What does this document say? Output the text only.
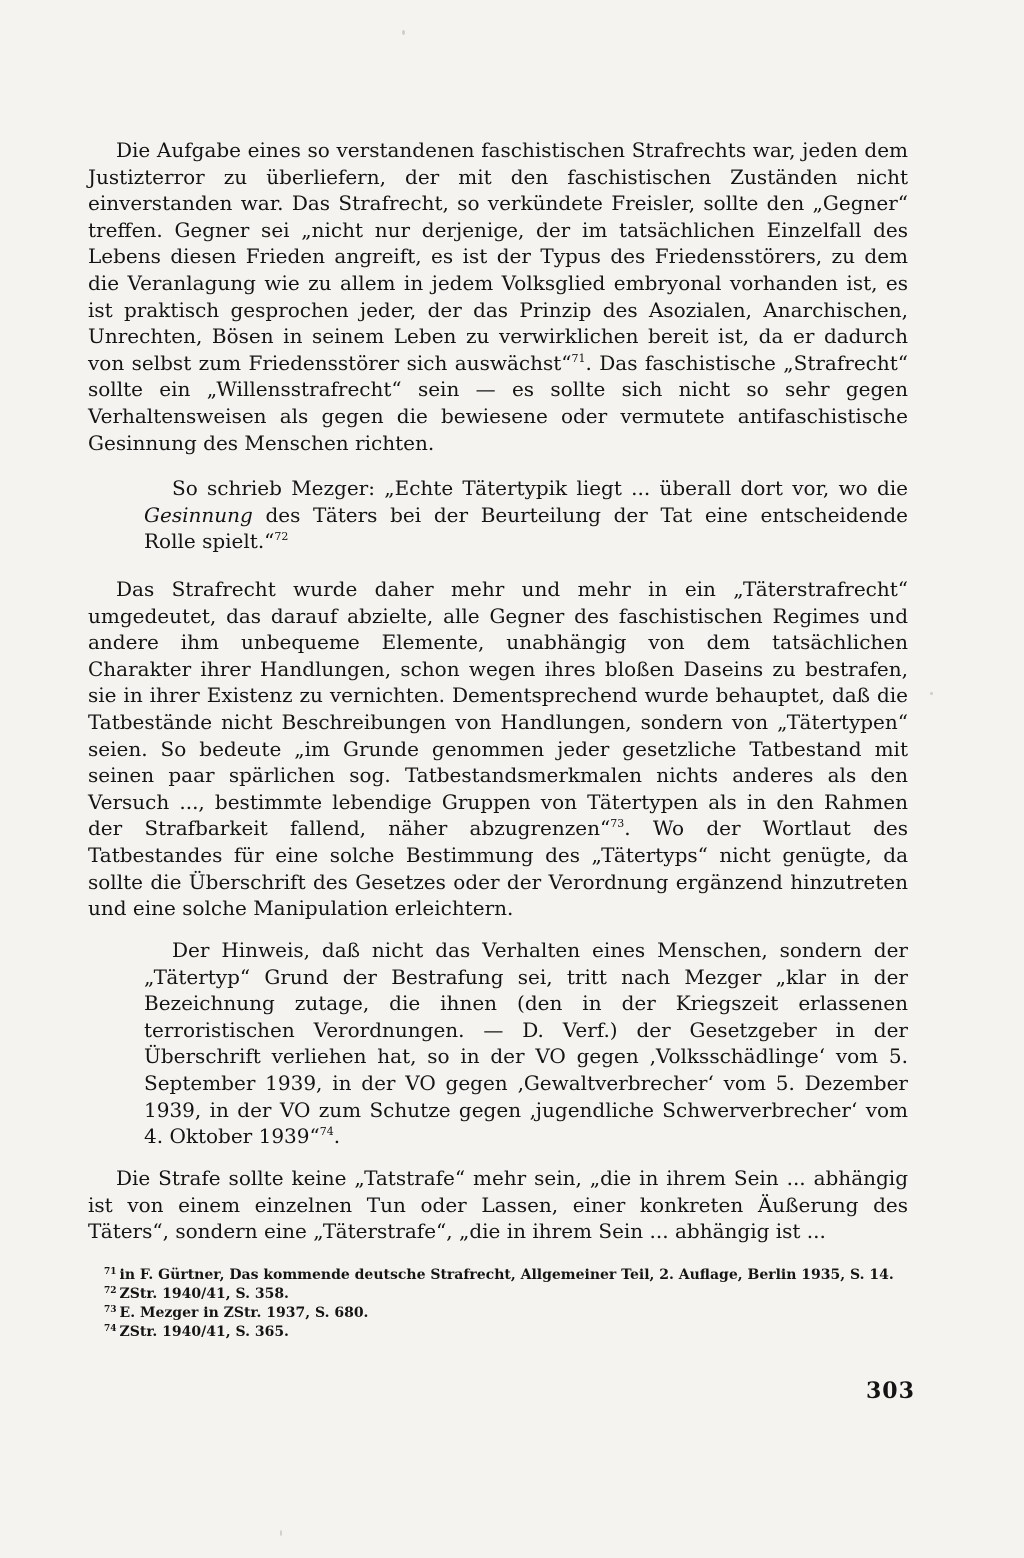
Die Aufgabe eines so verstandenen faschistischen Strafrechts war, jeden dem Justizterror zu überliefern, der mit den faschistischen Zuständen nicht einverstanden war. Das Strafrecht, so verkündete Freisler, sollte den „Gegner“ treffen. Gegner sei „nicht nur derjenige, der im tatsächlichen Einzelfall des Lebens diesen Frieden angreift, es ist der Typus des Friedensstörers, zu dem die Veranlagung wie zu allem in jedem Volksglied embryonal vorhanden ist, es ist praktisch gesprochen jeder, der das Prinzip des Asozialen, Anarchischen, Unrechten, Bösen in seinem Leben zu verwirklichen bereit ist, da er dadurch von selbst zum Friedensstörer sich auswächst“$^{71}$. Das faschistische „Strafrecht“ sollte ein „Willensstrafrecht“ sein — es sollte sich nicht so sehr gegen Verhaltensweisen als gegen die bewiesene oder vermutete antifaschistische Gesinnung des Menschen richten.
So schrieb Mezger: „Echte Tätertypik liegt ... überall dort vor, wo die Gesinnung des Täters bei der Beurteilung der Tat eine entscheidende Rolle spielt.“$^{72}$
Das Strafrecht wurde daher mehr und mehr in ein „Täterstrafrecht“ umgedeutet, das darauf abzielte, alle Gegner des faschistischen Regimes und andere ihm unbequeme Elemente, unabhängig von dem tatsächlichen Charakter ihrer Handlungen, schon wegen ihres bloßen Daseins zu bestrafen, sie in ihrer Existenz zu vernichten. Dementsprechend wurde behauptet, daß die Tatbestände nicht Beschreibungen von Handlungen, sondern von „Tätertypen“ seien. So bedeute „im Grunde genommen jeder gesetzliche Tatbestand mit seinen paar spärlichen sog. Tatbestandsmerkmalen nichts anderes als den Versuch ..., bestimmte lebendige Gruppen von Tätertypen als in den Rahmen der Strafbarkeit fallend, näher abzugrenzen“$^{73}$. Wo der Wortlaut des Tatbestandes für eine solche Bestimmung des „Tätertyps“ nicht genügte, da sollte die Überschrift des Gesetzes oder der Verordnung ergänzend hinzutreten und eine solche Manipulation erleichtern.
Der Hinweis, daß nicht das Verhalten eines Menschen, sondern der „Tätertyp“ Grund der Bestrafung sei, tritt nach Mezger „klar in der Bezeichnung zutage, die ihnen (den in der Kriegszeit erlassenen terroristischen Verordnungen. — D. Verf.) der Gesetzgeber in der Überschrift verliehen hat, so in der VO gegen ‚Volksschädlinge‘ vom 5. September 1939, in der VO gegen ‚Gewaltverbrecher‘ vom 5. Dezember 1939, in der VO zum Schutze gegen ‚jugendliche Schwerverbrecher‘ vom 4. Oktober 1939“$^{74}$.
Die Strafe sollte keine „Tatstrafe“ mehr sein, „die in ihrem Sein ... abhängig ist von einem einzelnen Tun oder Lassen, einer konkreten Äußerung des Täters“, sondern eine „Täterstrafe“, „die in ihrem Sein ... abhängig ist ...
$^{71}$ in F. Gürtner, Das kommende deutsche Strafrecht, Allgemeiner Teil, 2. Auflage, Berlin 1935, S. 14.
$^{72}$ ZStr. 1940/41, S. 358.
$^{73}$ E. Mezger in ZStr. 1937, S. 680.
$^{74}$ ZStr. 1940/41, S. 365.
303
